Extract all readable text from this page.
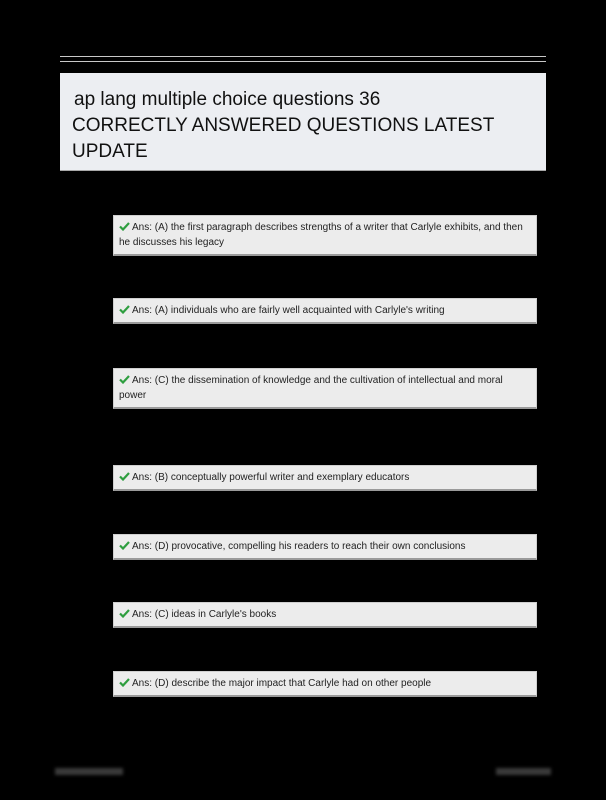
ap lang multiple choice questions 36
CORRECTLY ANSWERED QUESTIONS LATEST
UPDATE
Ans: (A) the first paragraph describes strengths of a writer that Carlyle exhibits, and then he discusses his legacy
Ans: (A) individuals who are fairly well acquainted with Carlyle's writing
Ans: (C) the dissemination of knowledge and the cultivation of intellectual and moral power
Ans: (B) conceptually powerful writer and exemplary educators
Ans: (D) provocative, compelling his readers to reach their own conclusions
Ans: (C) ideas in Carlyle's books
Ans: (D) describe the major impact that Carlyle had on other people
